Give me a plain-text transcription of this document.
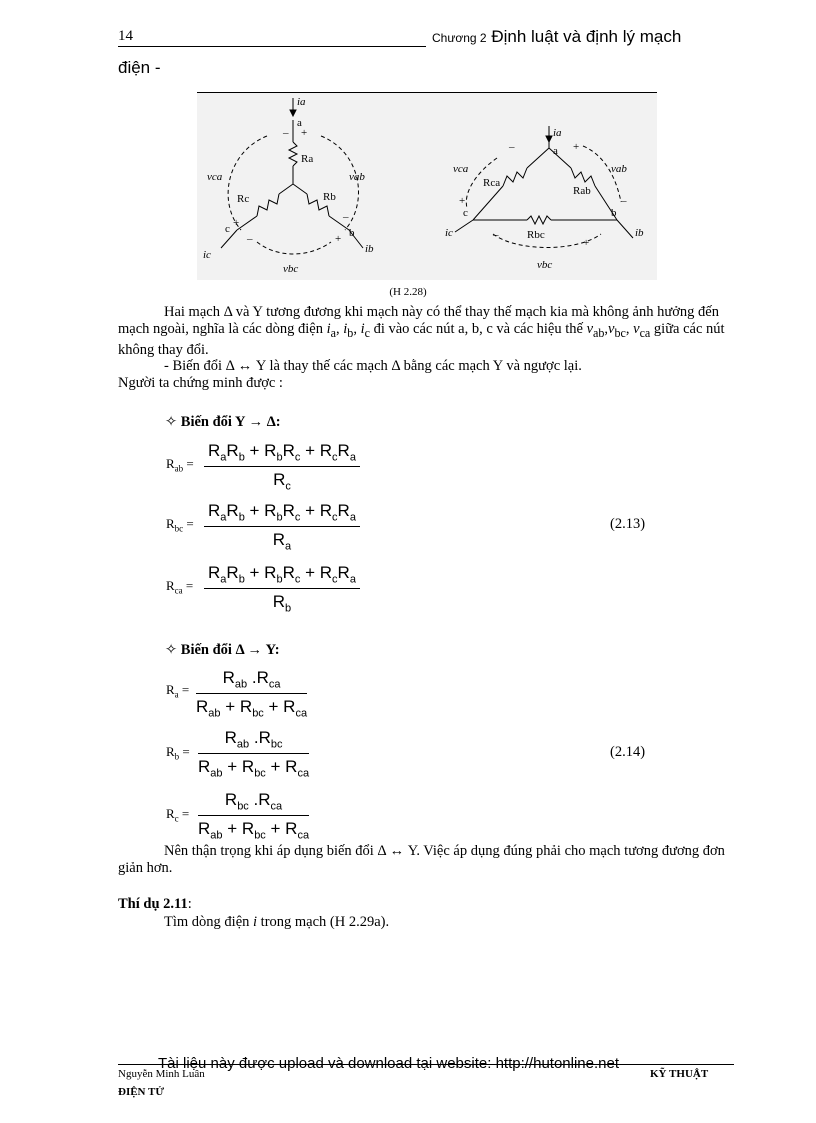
14	Chương 2 Định luật và định lý mạch
điện -
ia
a
vca	vab
Ra
Rc	Rb
c	b
ic	ib
vbc
– +
+
–	+
–
ia
a
vca	vab
Rca
Rab
Rbc
c	b
ic	ib
vbc
–	+
+	–
–
+
(H 2.28)
Hai mạch Δ và Y tương đương khi mạch này có thể thay thế mạch kia mà không ảnh hưởng đến mạch ngoài, nghĩa là các dòng điện $i_a$, $i_b$, $i_c$ đi vào các nút a, b, c và các hiệu thế $v_{ab},v_{bc}$, $v_{ca}$ giữa các nút không thay đổi.
- Biến đổi Δ ↔ Y là thay thế các mạch Δ bằng các mạch Y và ngược lại.
Người ta chứng minh được :
✧ Biến đổi Y → Δ:
$R_{ab}$ =
$R_aR_b + R_bR_c + R_cR_a$
$R_c$
$R_{bc}$ =
$R_aR_b + R_bR_c + R_cR_a$
$R_a$
(2.13)
$R_{ca}$ =
$R_aR_b + R_bR_c + R_cR_a$
$R_b$
✧ Biến đổi Δ → Y:
$R_a$ =
$R_{ab}$ $.R_{ca}$
$R_{ab} + R_{bc} + R_{ca}$
$R_b$ =
$R_{ab}$ $.R_{bc}$
$R_{ab} + R_{bc} + R_{ca}$
(2.14)
$R_c$ =
$R_{bc}$ $.R_{ca}$
$R_{ab} + R_{bc} + R_{ca}$
Nên thận trọng khi áp dụng biến đổi Δ ↔ Y. Việc áp dụng đúng phải cho mạch tương đương đơn giản hơn.
Thí dụ 2.11:
Tìm dòng điện i trong mạch (H 2.29a).
Nguyễn Minh Luân
Tài liệu này được upload và download tại website: http://hutonline.net
KỸ THUẬT
ĐIỆN TỬ
